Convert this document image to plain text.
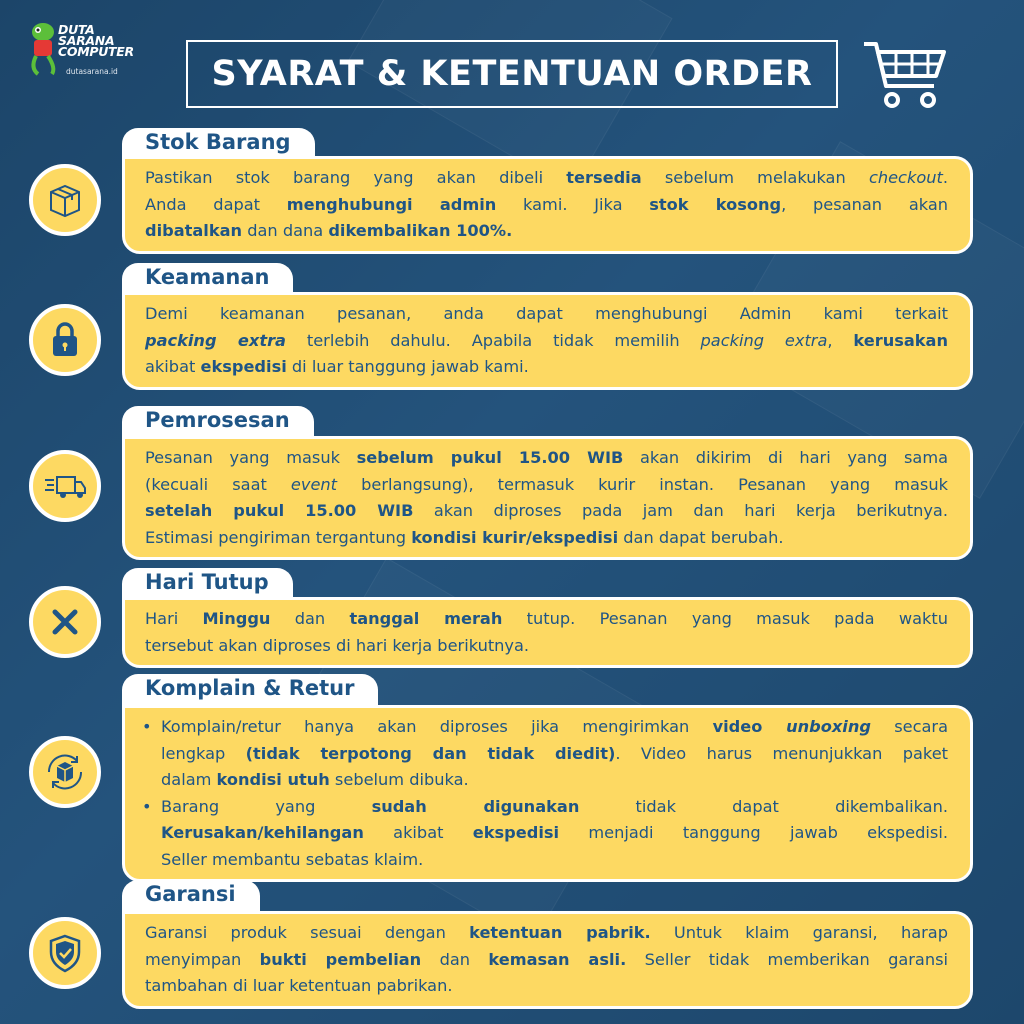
DUTA
SARANA
COMPUTER
dutasarana.id	SYARAT & KETENTUAN ORDER
Stok Barang
Pastikan stok barang yang akan dibeli tersedia sebelum melakukan checkout.
Anda dapat menghubungi admin kami. Jika stok kosong, pesanan akan
dibatalkan dan dana dikembalikan 100%.
Keamanan
Demi keamanan pesanan, anda dapat menghubungi Admin kami terkait
packing extra terlebih dahulu. Apabila tidak memilih packing extra, kerusakan
akibat ekspedisi di luar tanggung jawab kami.
Pemrosesan
Pesanan yang masuk sebelum pukul 15.00 WIB akan dikirim di hari yang sama
(kecuali saat event berlangsung), termasuk kurir instan. Pesanan yang masuk
setelah pukul 15.00 WIB akan diproses pada jam dan hari kerja berikutnya.
Estimasi pengiriman tergantung kondisi kurir/ekspedisi dan dapat berubah.
Hari Tutup
Hari Minggu dan tanggal merah tutup. Pesanan yang masuk pada waktu
tersebut akan diproses di hari kerja berikutnya.
Komplain & Retur
• Komplain/retur hanya akan diproses jika mengirimkan video unboxing secara
lengkap (tidak terpotong dan tidak diedit). Video harus menunjukkan paket
dalam kondisi utuh sebelum dibuka.
• Barang yang sudah digunakan tidak dapat dikembalikan.
Kerusakan/kehilangan akibat ekspedisi menjadi tanggung jawab ekspedisi.
Seller membantu sebatas klaim.
Garansi
Garansi produk sesuai dengan ketentuan pabrik. Untuk klaim garansi, harap
menyimpan bukti pembelian dan kemasan asli. Seller tidak memberikan garansi
tambahan di luar ketentuan pabrikan.
